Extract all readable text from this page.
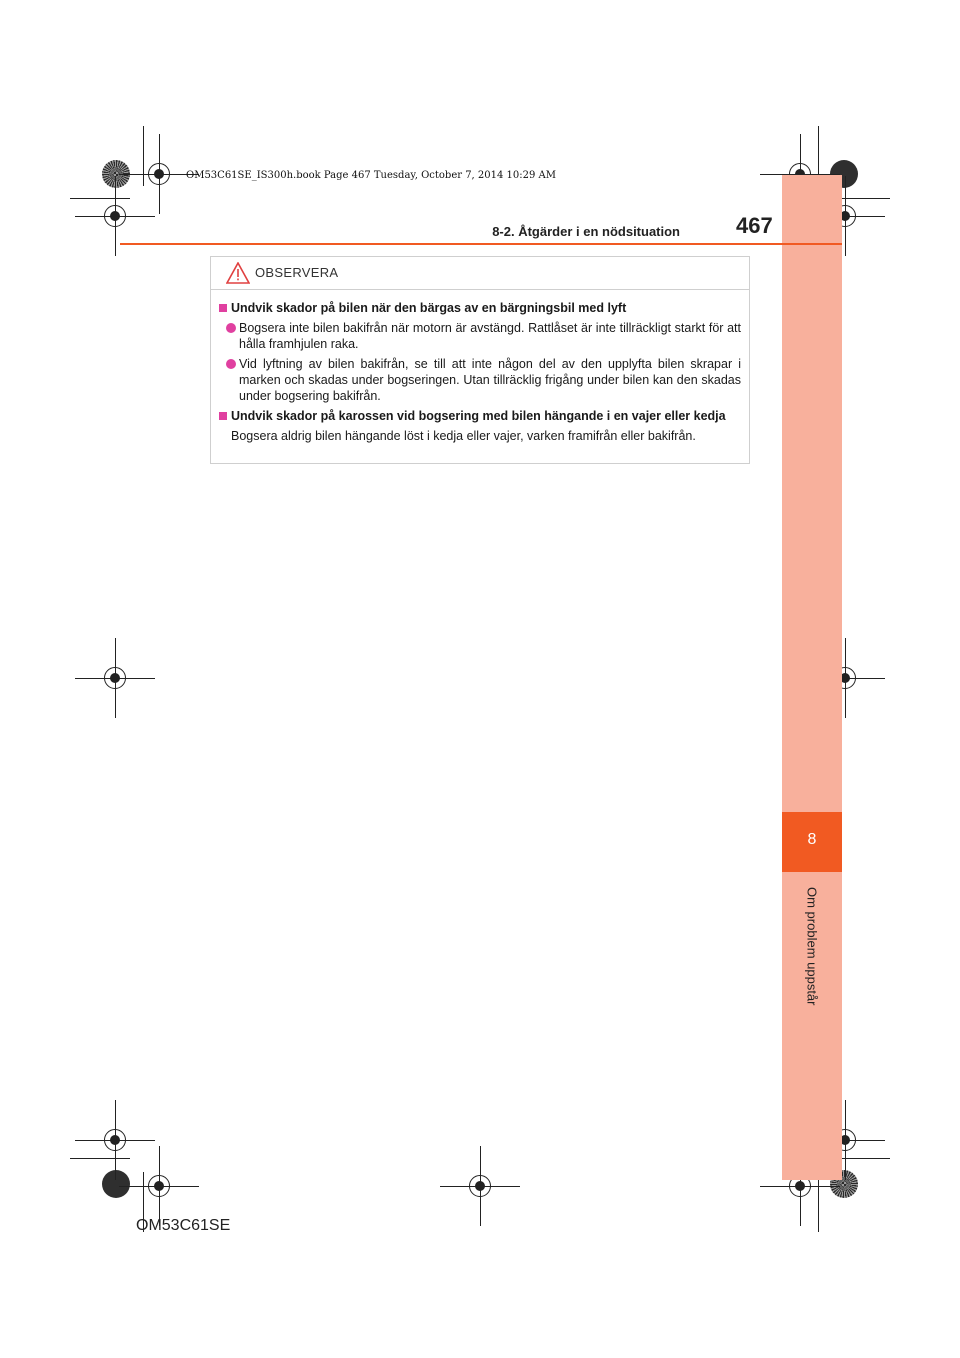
OM53C61SE_IS300h.book Page 467 Tuesday, October 7, 2014 10:29 AM
8
Om problem uppstår
8-2. Åtgärder i en nödsituation	467
OBSERVERA
Undvik skador på bilen när den bärgas av en bärgningsbil med lyft
Bogsera inte bilen bakifrån när motorn är avstängd. Rattlåset är inte tillräckligt starkt för att hålla framhjulen raka.
Vid lyftning av bilen bakifrån, se till att inte någon del av den upplyfta bilen skrapar i marken och skadas under bogseringen. Utan tillräcklig frigång under bilen kan den skadas under bogsering bakifrån.
Undvik skador på karossen vid bogsering med bilen hängande i en vajer eller kedja
Bogsera aldrig bilen hängande löst i kedja eller vajer, varken framifrån eller bakifrån.
OM53C61SE
